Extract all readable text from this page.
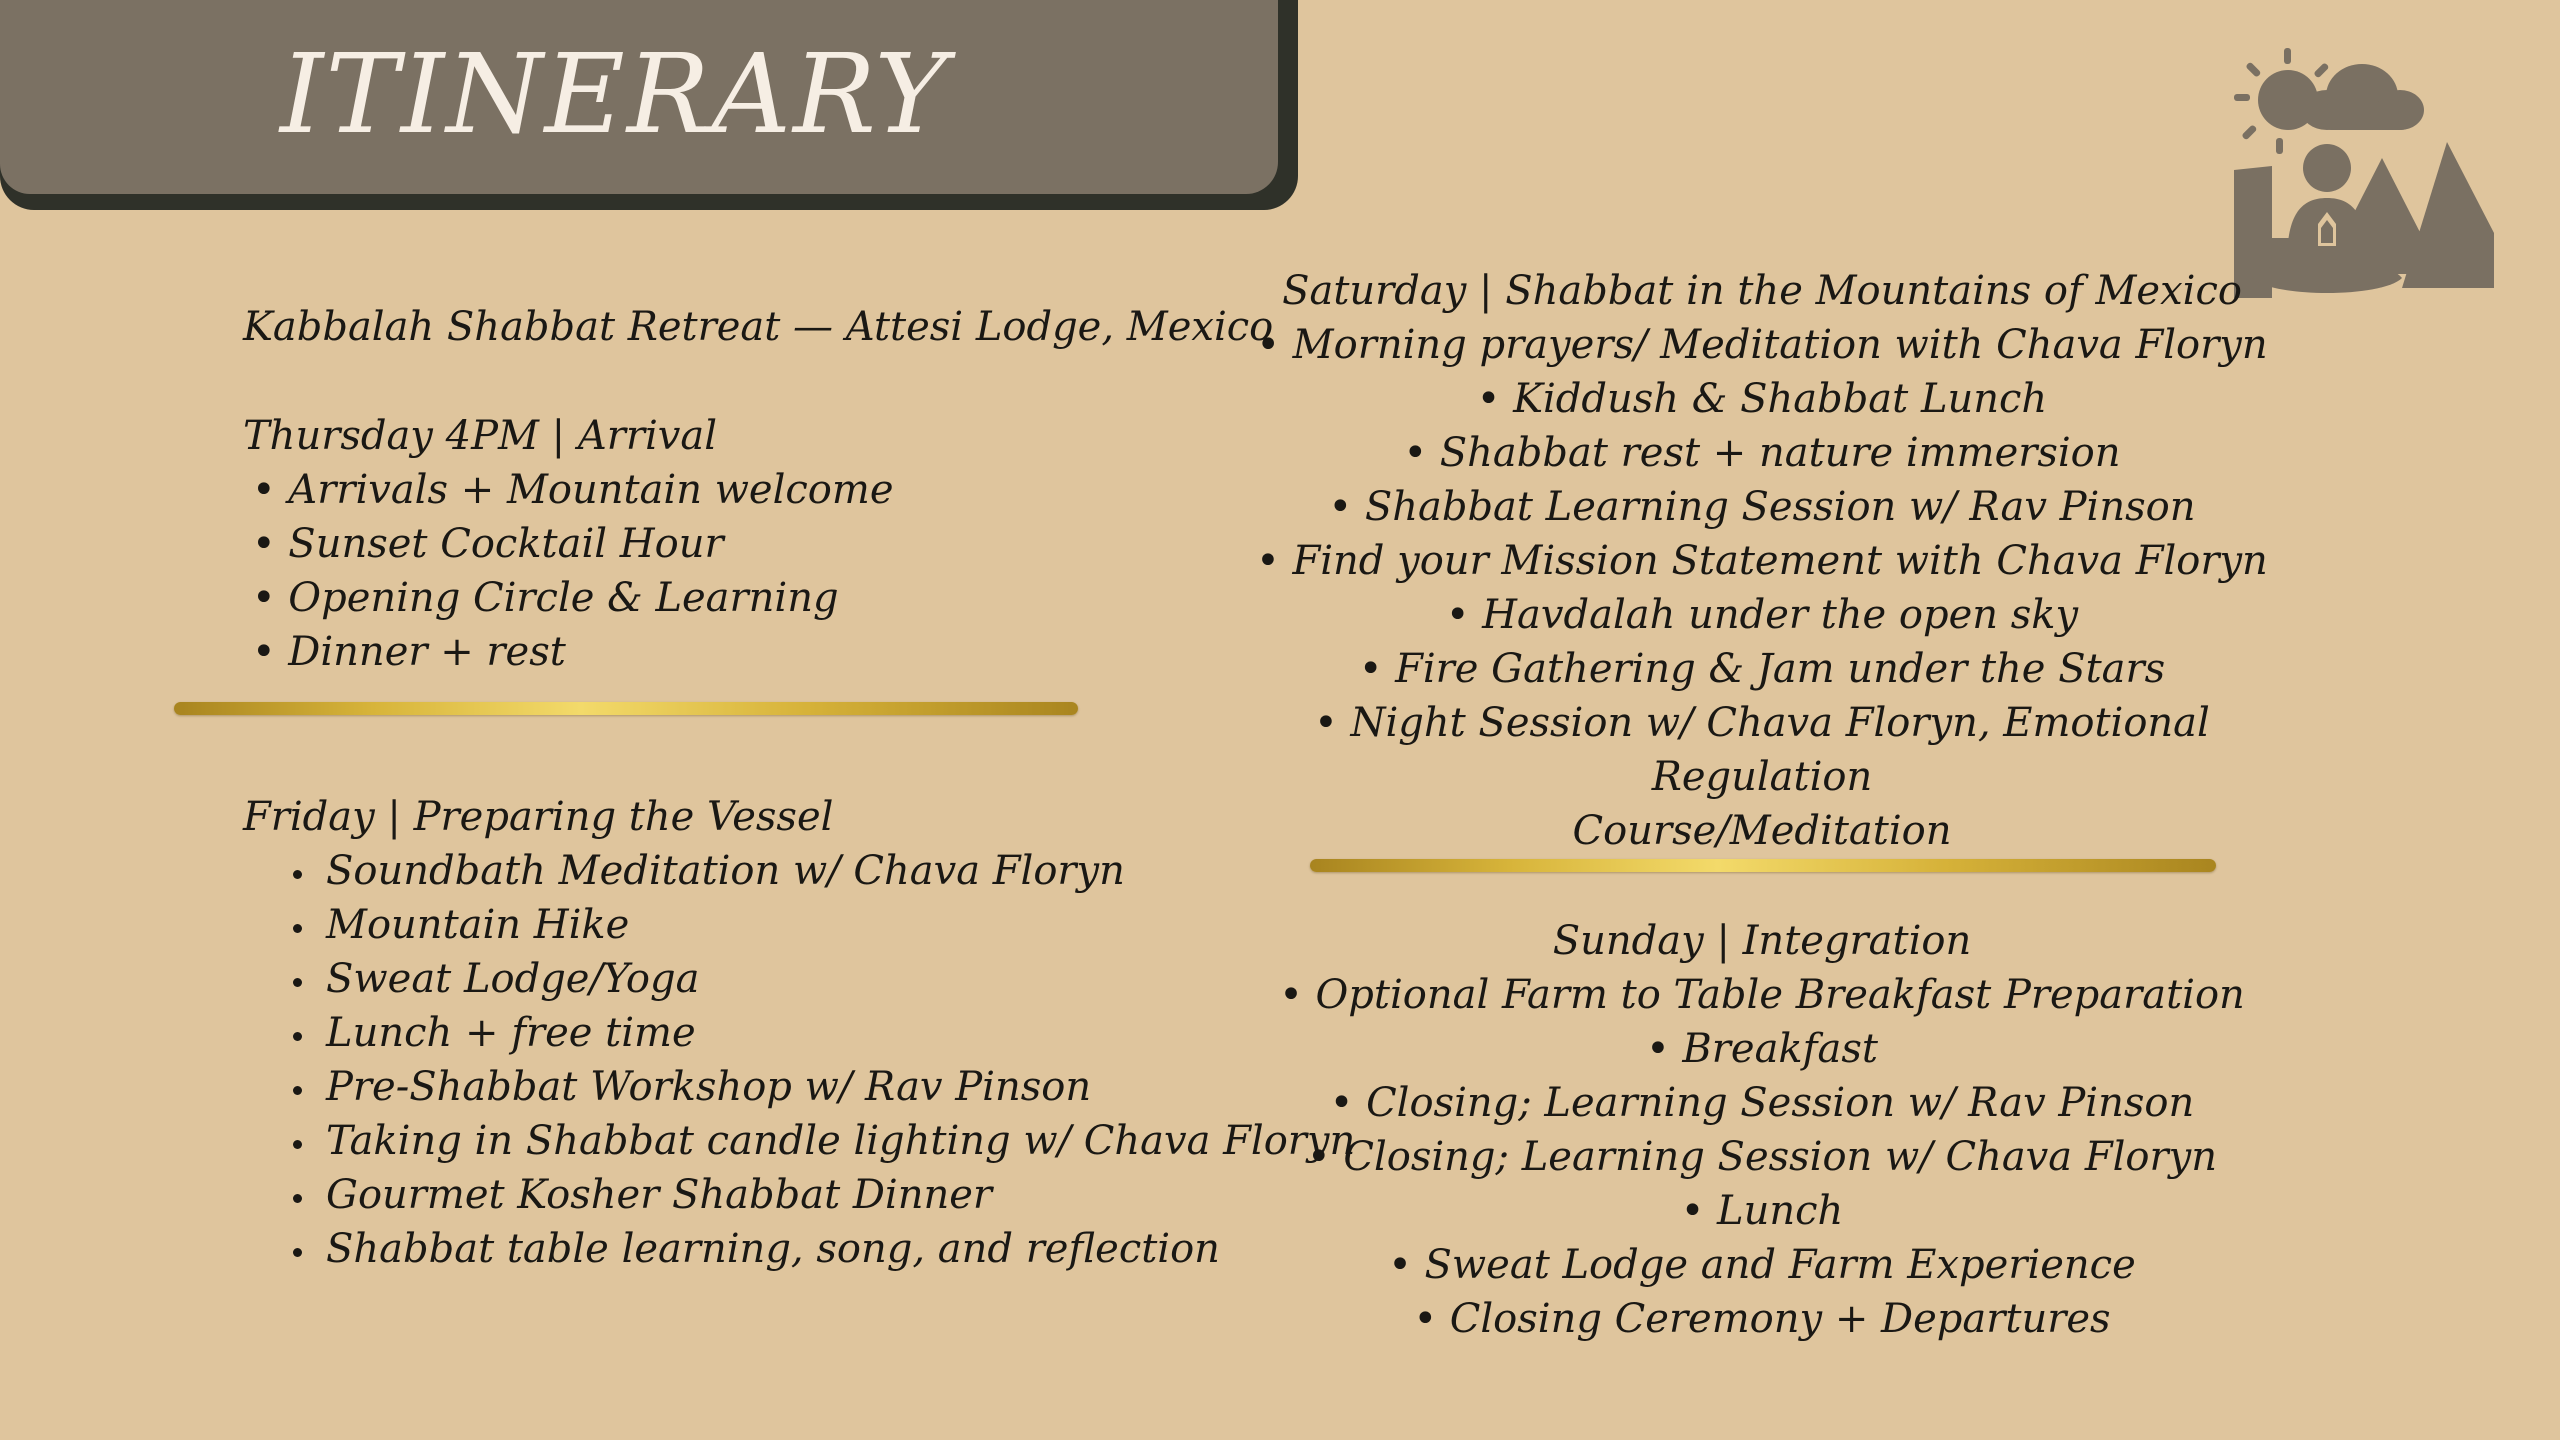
ITINERARY

Kabbalah Shabbat Retreat — Attesi Lodge, Mexico

Thursday 4PM | Arrival

• Arrivals + Mountain welcome
• Sunset Cocktail Hour
• Opening Circle & Learning
• Dinner + rest

Friday | Preparing the Vessel

• Soundbath Meditation w/ Chava Floryn
• Mountain Hike
• Sweat Lodge/Yoga
• Lunch + free time
• Pre-Shabbat Workshop w/ Rav Pinson
• Taking in Shabbat candle lighting w/ Chava Floryn
• Gourmet Kosher Shabbat Dinner
• Shabbat table learning, song, and reflection

Saturday | Shabbat in the Mountains of Mexico

• Morning prayers/ Meditation with Chava Floryn

• Kiddush & Shabbat Lunch

• Shabbat rest + nature immersion

• Shabbat Learning Session w/ Rav Pinson

• Find your Mission Statement with Chava Floryn

• Havdalah under the open sky

• Fire Gathering & Jam under the Stars

• Night Session w/ Chava Floryn, Emotional Regulation

Course/Meditation

Sunday | Integration

• Optional Farm to Table Breakfast Preparation

• Breakfast

• Closing; Learning Session w/ Rav Pinson

• Closing; Learning Session w/ Chava Floryn

• Lunch

• Sweat Lodge and Farm Experience

• Closing Ceremony + Departures
